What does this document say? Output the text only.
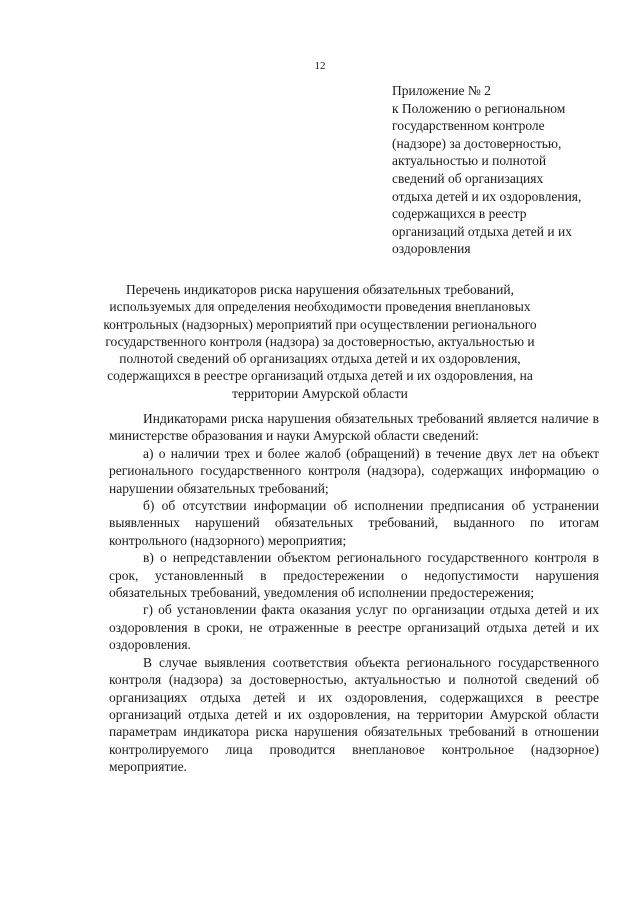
12
Приложение № 2
к Положению о региональном
государственном контроле
(надзоре) за достоверностью,
актуальностью и полнотой
сведений об организациях
отдыха детей и их оздоровления,
содержащихся в реестр
организаций отдыха детей и их
оздоровления
Перечень индикаторов риска нарушения обязательных требований,
используемых для определения необходимости проведения внеплановых
контрольных (надзорных) мероприятий при осуществлении регионального
государственного контроля (надзора) за достоверностью, актуальностью и
полнотой сведений об организациях отдыха детей и их оздоровления,
содержащихся в реестре организаций отдыха детей и их оздоровления, на
территории Амурской области

Индикаторами риска нарушения обязательных требований является наличие в министерстве образования и науки Амурской области сведений:

а) о наличии трех и более жалоб (обращений) в течение двух лет на объект регионального государственного контроля (надзора), содержащих информацию о нарушении обязательных требований;

б) об отсутствии информации об исполнении предписания об устранении выявленных нарушений обязательных требований, выданного по итогам контрольного (надзорного) мероприятия;

в) о непредставлении объектом регионального государственного контроля в срок, установленный в предостережении о недопустимости нарушения обязательных требований, уведомления об исполнении предостережения;

г) об установлении факта оказания услуг по организации отдыха детей и их оздоровления в сроки, не отраженные в реестре организаций отдыха детей и их оздоровления.

В случае выявления соответствия объекта регионального государственного контроля (надзора) за достоверностью, актуальностью и полнотой сведений об организациях отдыха детей и их оздоровления, содержащихся в реестре организаций отдыха детей и их оздоровления, на территории Амурской области параметрам индикатора риска нарушения обязательных требований в отношении контролируемого лица проводится внеплановое контрольное (надзорное) мероприятие.
